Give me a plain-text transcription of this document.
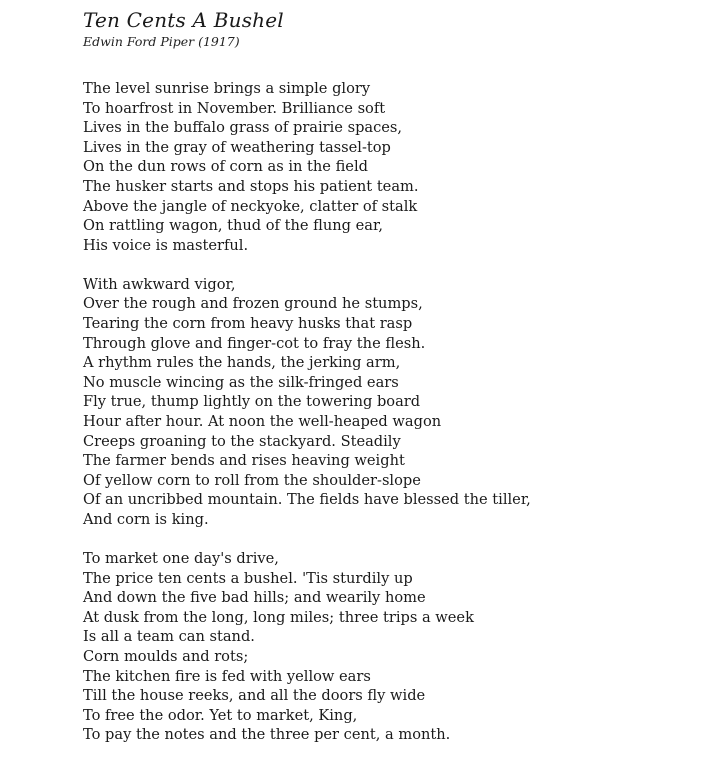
Ten Cents A Bushel

Edwin Ford Piper (1917)

The level sunrise brings a simple glory
To hoarfrost in November. Brilliance soft
Lives in the buffalo grass of prairie spaces,
Lives in the gray of weathering tassel-top
On the dun rows of corn as in the field
The husker starts and stops his patient team.
Above the jangle of neckyoke, clatter of stalk
On rattling wagon, thud of the flung ear,
His voice is masterful.
With awkward vigor,
Over the rough and frozen ground he stumps,
Tearing the corn from heavy husks that rasp
Through glove and finger-cot to fray the flesh.
A rhythm rules the hands, the jerking arm,
No muscle wincing as the silk-fringed ears
Fly true, thump lightly on the towering board
Hour after hour. At noon the well-heaped wagon
Creeps groaning to the stackyard. Steadily
The farmer bends and rises heaving weight
Of yellow corn to roll from the shoulder-slope
Of an uncribbed mountain. The fields have blessed the tiller,
And corn is king.
To market one day's drive,
The price ten cents a bushel. 'Tis sturdily up
And down the five bad hills; and wearily home
At dusk from the long, long miles; three trips a week
Is all a team can stand.
Corn moulds and rots;
The kitchen fire is fed with yellow ears
Till the house reeks, and all the doors fly wide
To free the odor. Yet to market, King,
To pay the notes and the three per cent, a month.
